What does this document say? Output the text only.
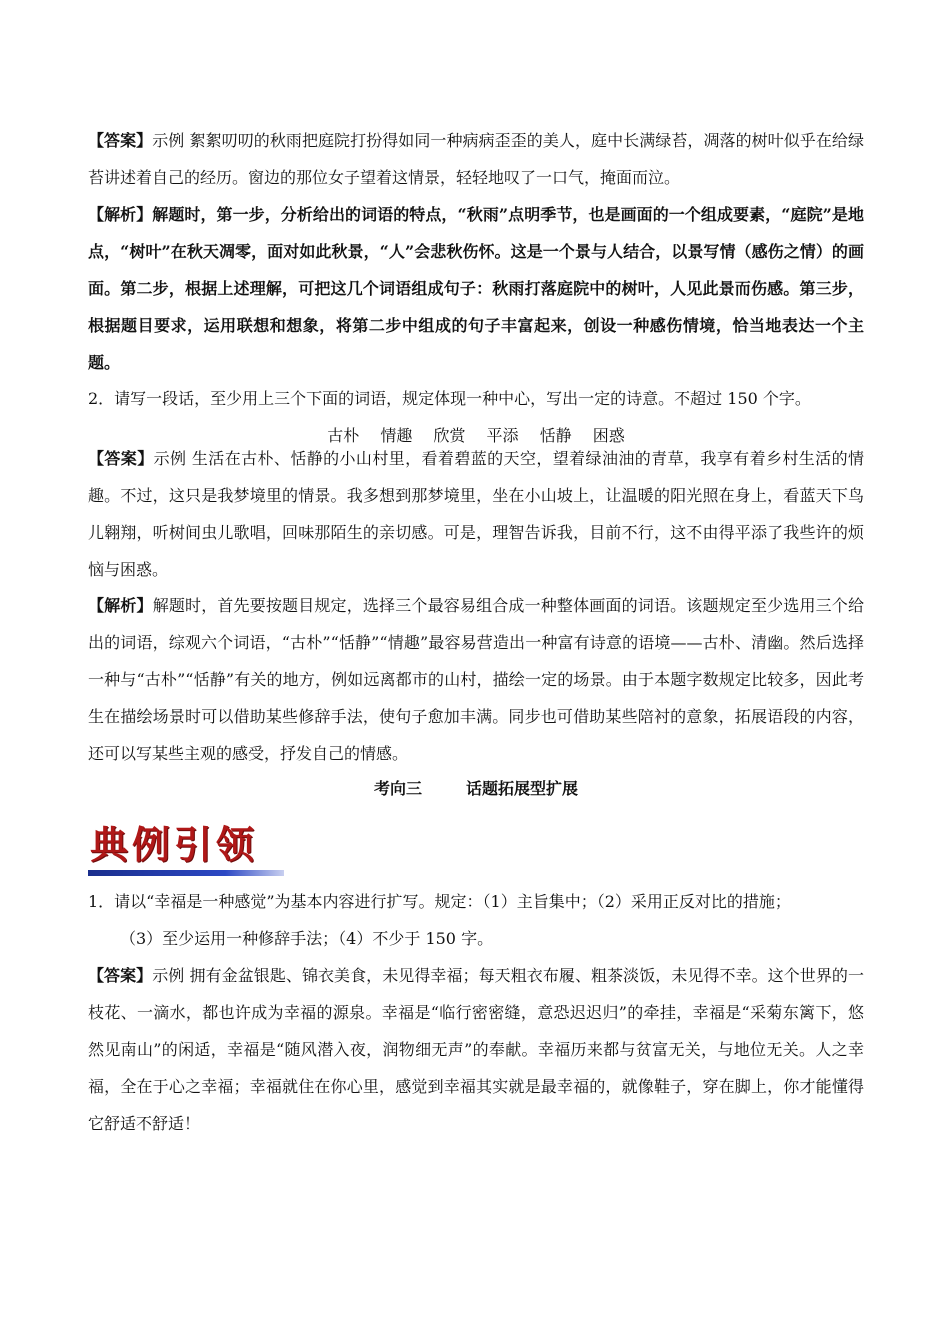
【答案】示例 絮絮叨叨的秋雨把庭院打扮得如同一种病病歪歪的美人，庭中长满绿苔，凋落的树叶似乎在给绿苔讲述着自己的经历。窗边的那位女子望着这情景，轻轻地叹了一口气，掩面而泣。

【解析】解题时，第一步，分析给出的词语的特点，“秋雨”点明季节，也是画面的一个组成要素，“庭院”是地点，“树叶”在秋天凋零，面对如此秋景，“人”会悲秋伤怀。这是一个景与人结合，以景写情（感伤之情）的画面。第二步，根据上述理解，可把这几个词语组成句子：秋雨打落庭院中的树叶，人见此景而伤感。第三步，根据题目要求，运用联想和想象，将第二步中组成的句子丰富起来，创设一种感伤情境，恰当地表达一个主题。

2．请写一段话，至少用上三个下面的词语，规定体现一种中心，写出一定的诗意。不超过 150 个字。

古朴 情趣 欣赏 平添 恬静 困惑

【答案】示例 生活在古朴、恬静的小山村里，看着碧蓝的天空，望着绿油油的青草，我享有着乡村生活的情趣。不过，这只是我梦境里的情景。我多想到那梦境里，坐在小山坡上，让温暖的阳光照在身上，看蓝天下鸟儿翱翔，听树间虫儿歌唱，回味那陌生的亲切感。可是，理智告诉我，目前不行，这不由得平添了我些许的烦恼与困惑。

【解析】解题时，首先要按题目规定，选择三个最容易组合成一种整体画面的词语。该题规定至少选用三个给出的词语，综观六个词语，“古朴”“恬静”“情趣”最容易营造出一种富有诗意的语境——古朴、清幽。然后选择一种与“古朴”“恬静”有关的地方，例如远离都市的山村，描绘一定的场景。由于本题字数规定比较多，因此考生在描绘场景时可以借助某些修辞手法，使句子愈加丰满。同步也可借助某些陪衬的意象，拓展语段的内容，还可以写某些主观的感受，抒发自己的情感。

考向三	话题拓展型扩展

典例引领

1．请以“幸福是一种感觉”为基本内容进行扩写。规定：（1）主旨集中；（2）采用正反对比的措施；

（3）至少运用一种修辞手法；（4）不少于 150 字。

【答案】示例 拥有金盆银匙、锦衣美食，未见得幸福；每天粗衣布履、粗茶淡饭，未见得不幸。这个世界的一枝花、一滴水，都也许成为幸福的源泉。幸福是“临行密密缝，意恐迟迟归”的牵挂，幸福是“采菊东篱下，悠然见南山”的闲适，幸福是“随风潜入夜，润物细无声”的奉献。幸福历来都与贫富无关，与地位无关。人之幸福，全在于心之幸福；幸福就住在你心里，感觉到幸福其实就是最幸福的，就像鞋子，穿在脚上，你才能懂得它舒适不舒适！
